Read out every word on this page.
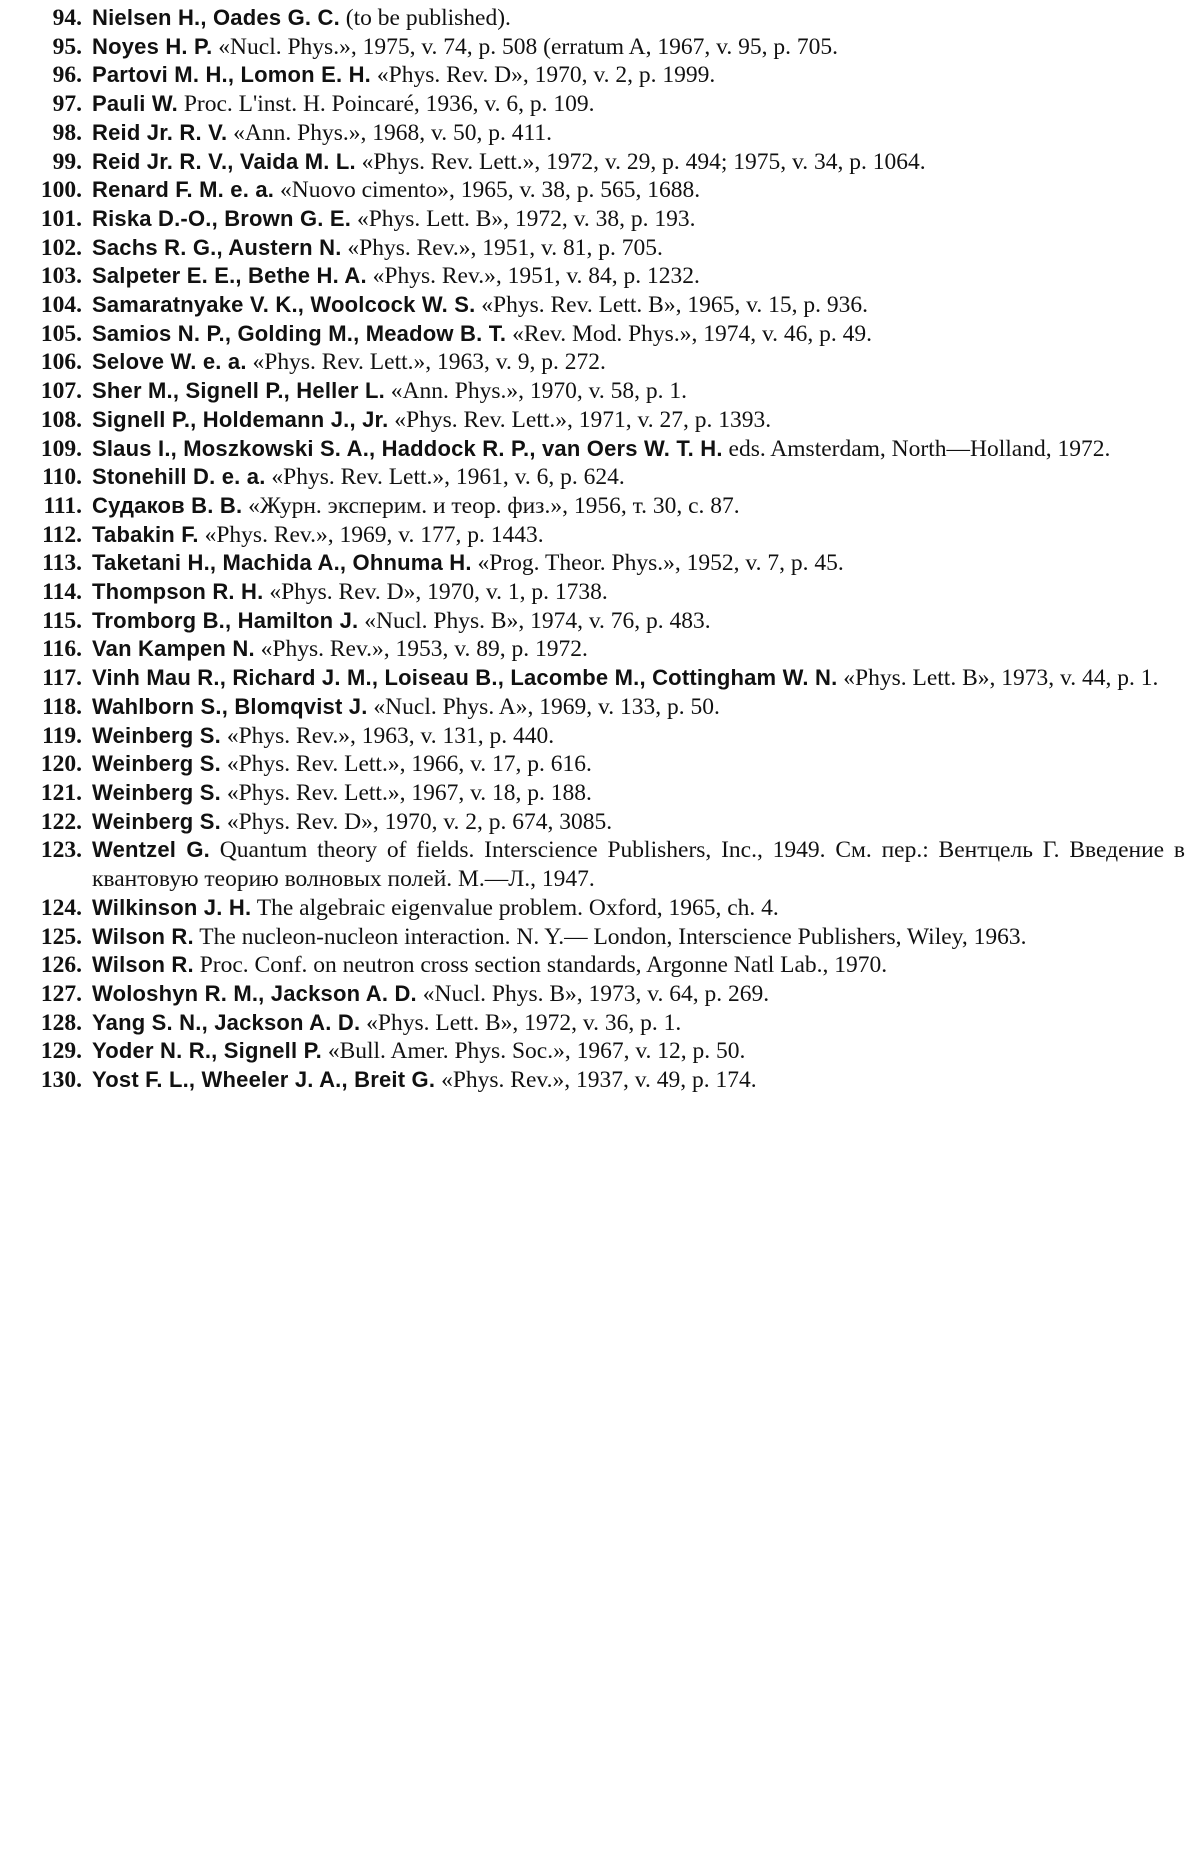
94. Nielsen H., Oades G. C. (to be published).
95. Noyes H. P. «Nucl. Phys.», 1975, v. 74, p. 508 (erratum A, 1967, v. 95, p. 705.
96. Partovi M. H., Lomon E. H. «Phys. Rev. D», 1970, v. 2, p. 1999.
97. Pauli W. Proc. L'inst. H. Poincaré, 1936, v. 6, p. 109.
98. Reid Jr. R. V. «Ann. Phys.», 1968, v. 50, p. 411.
99. Reid Jr. R. V., Vaida M. L. «Phys. Rev. Lett.», 1972, v. 29, p. 494; 1975, v. 34, p. 1064.
100. Renard F. M. e. a. «Nuovo cimento», 1965, v. 38, p. 565, 1688.
101. Riska D.-O., Brown G. E. «Phys. Lett. B», 1972, v. 38, p. 193.
102. Sachs R. G., Austern N. «Phys. Rev.», 1951, v. 81, p. 705.
103. Salpeter E. E., Bethe H. A. «Phys. Rev.», 1951, v. 84, p. 1232.
104. Samaratnyake V. K., Woolcock W. S. «Phys. Rev. Lett. B», 1965, v. 15, p. 936.
105. Samios N. P., Golding M., Meadow B. T. «Rev. Mod. Phys.», 1974, v. 46, p. 49.
106. Selove W. e. a. «Phys. Rev. Lett.», 1963, v. 9, p. 272.
107. Sher M., Signell P., Heller L. «Ann. Phys.», 1970, v. 58, p. 1.
108. Signell P., Holdemann J., Jr. «Phys. Rev. Lett.», 1971, v. 27, p. 1393.
109. Slaus I., Moszkowski S. A., Haddock R. P., van Oers W. T. H. eds. Amsterdam, North—Holland, 1972.
110. Stonehill D. e. a. «Phys. Rev. Lett.», 1961, v. 6, p. 624.
111. Судаков В. В. «Журн. эксперим. и теор. физ.», 1956, т. 30, с. 87.
112. Tabakin F. «Phys. Rev.», 1969, v. 177, p. 1443.
113. Taketani H., Machida A., Ohnuma H. «Prog. Theor. Phys.», 1952, v. 7, p. 45.
114. Thompson R. H. «Phys. Rev. D», 1970, v. 1, p. 1738.
115. Tromborg B., Hamilton J. «Nucl. Phys. B», 1974, v. 76, p. 483.
116. Van Kampen N. «Phys. Rev.», 1953, v. 89, p. 1972.
117. Vinh Mau R., Richard J. M., Loiseau B., Lacombe M., Cottingham W. N. «Phys. Lett. B», 1973, v. 44, p. 1.
118. Wahlborn S., Blomqvist J. «Nucl. Phys. A», 1969, v. 133, p. 50.
119. Weinberg S. «Phys. Rev.», 1963, v. 131, p. 440.
120. Weinberg S. «Phys. Rev. Lett.», 1966, v. 17, p. 616.
121. Weinberg S. «Phys. Rev. Lett.», 1967, v. 18, p. 188.
122. Weinberg S. «Phys. Rev. D», 1970, v. 2, p. 674, 3085.
123. Wentzel G. Quantum theory of fields. Interscience Publishers, Inc., 1949. См. пер.: Вентцель Г. Введение в квантовую теорию волновых полей. М.—Л., 1947.
124. Wilkinson J. H. The algebraic eigenvalue problem. Oxford, 1965, ch. 4.
125. Wilson R. The nucleon-nucleon interaction. N. Y.— London, Interscience Publishers, Wiley, 1963.
126. Wilson R. Proc. Conf. on neutron cross section standards, Argonne Natl Lab., 1970.
127. Woloshyn R. M., Jackson A. D. «Nucl. Phys. B», 1973, v. 64, p. 269.
128. Yang S. N., Jackson A. D. «Phys. Lett. B», 1972, v. 36, p. 1.
129. Yoder N. R., Signell P. «Bull. Amer. Phys. Soc.», 1967, v. 12, p. 50.
130. Yost F. L., Wheeler J. A., Breit G. «Phys. Rev.», 1937, v. 49, p. 174.
